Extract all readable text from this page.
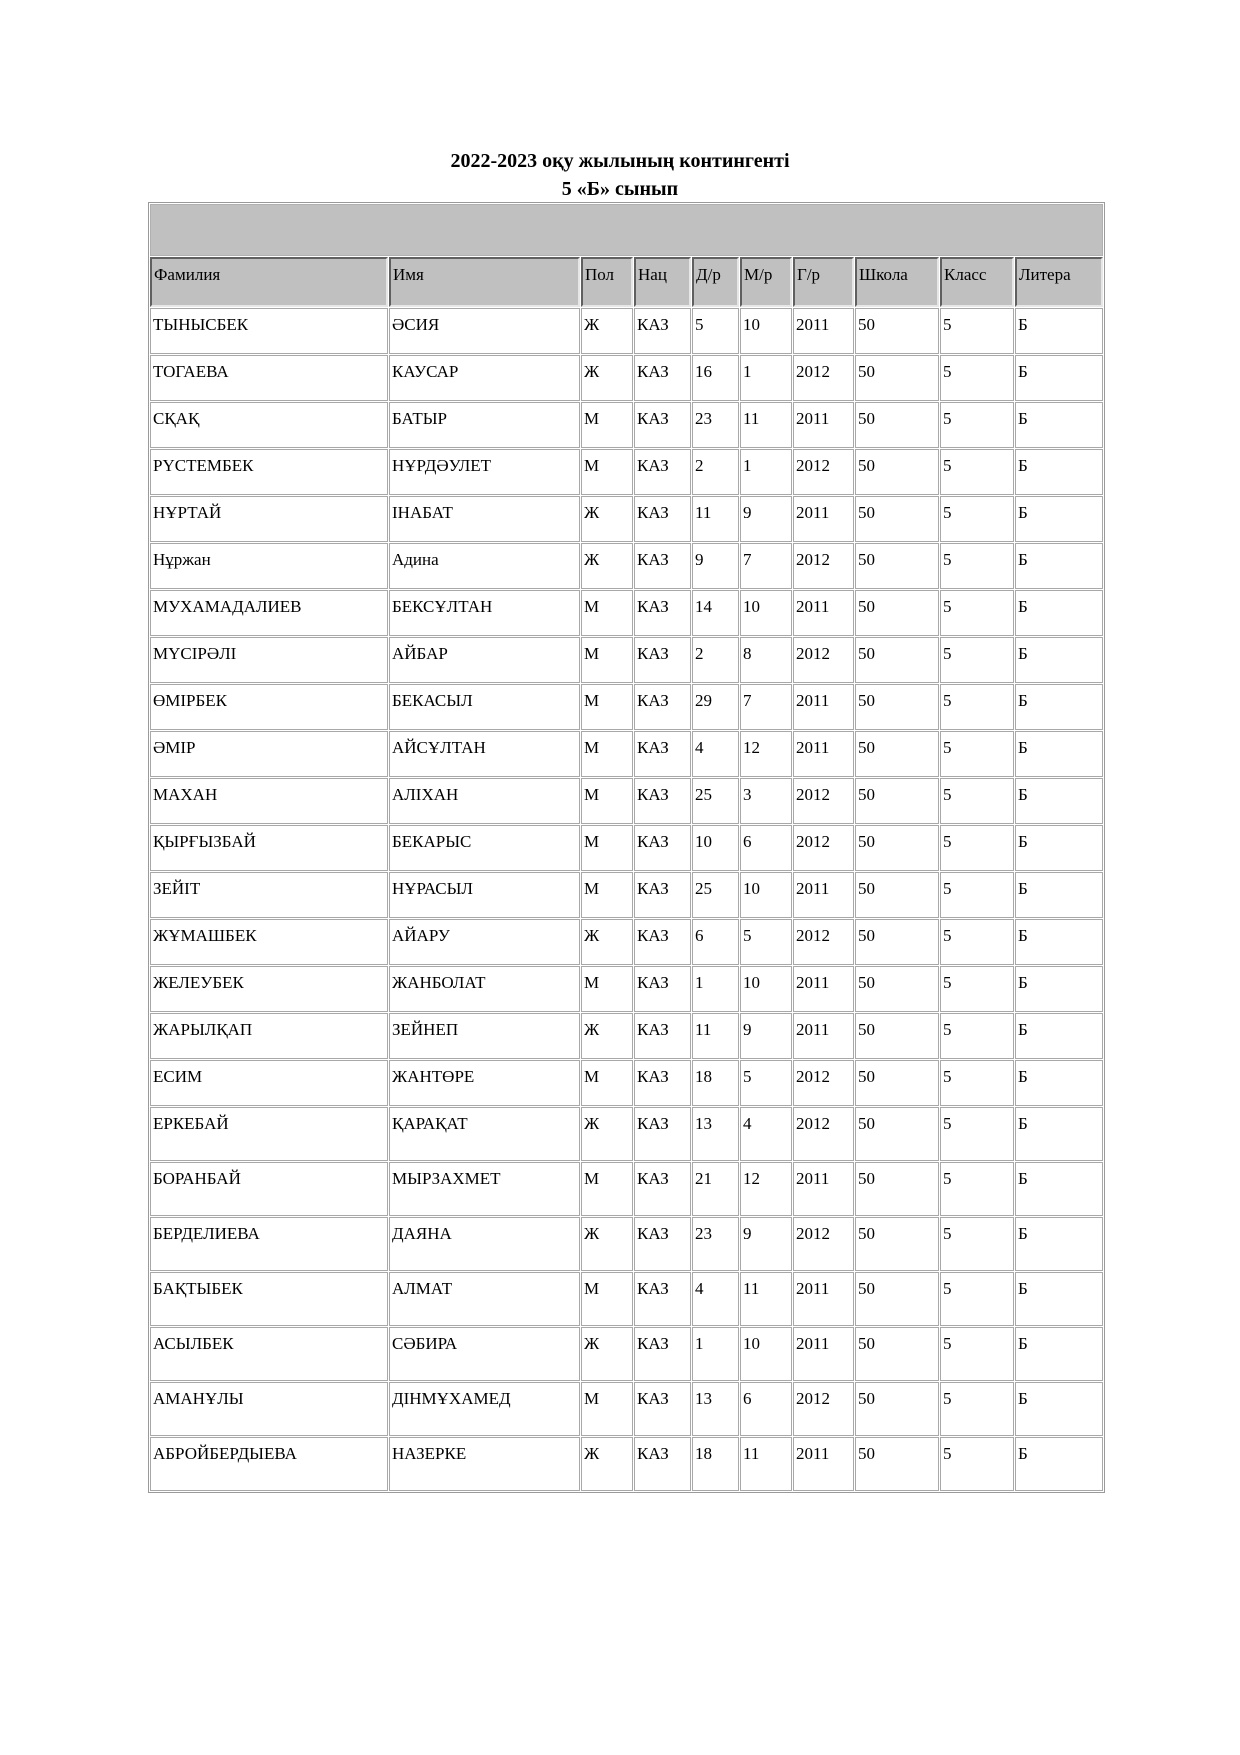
2022-2023 оқу жылының контингенті

5 «Б» сынып

Фамилия	Имя	Пол	Нац	Д/р	М/р	Г/р	Школа	Класс	Литера
ТЫНЫСБЕК	ӘСИЯ	Ж	КАЗ	5	10	2011	50	5	Б
ТОГАЕВА	КАУСАР	Ж	КАЗ	16	1	2012	50	5	Б
СҚАҚ	БАТЫР	М	КАЗ	23	11	2011	50	5	Б
РҮСТЕМБЕК	НҰРДӘУЛЕТ	М	КАЗ	2	1	2012	50	5	Б
НҰРТАЙ	ІНАБАТ	Ж	КАЗ	11	9	2011	50	5	Б
Нұржан	Адина	Ж	КАЗ	9	7	2012	50	5	Б
МУХАМАДАЛИЕВ	БЕКСҰЛТАН	М	КАЗ	14	10	2011	50	5	Б
МҮСІРӘЛІ	АЙБАР	М	КАЗ	2	8	2012	50	5	Б
ӨМІРБЕК	БЕКАСЫЛ	М	КАЗ	29	7	2011	50	5	Б
ӘМІР	АЙСҰЛТАН	М	КАЗ	4	12	2011	50	5	Б
МАХАН	АЛІХАН	М	КАЗ	25	3	2012	50	5	Б
ҚЫРҒЫЗБАЙ	БЕКАРЫС	М	КАЗ	10	6	2012	50	5	Б
ЗЕЙІТ	НҰРАСЫЛ	М	КАЗ	25	10	2011	50	5	Б
ЖҰМАШБЕК	АЙАРУ	Ж	КАЗ	6	5	2012	50	5	Б
ЖЕЛЕУБЕК	ЖАНБОЛАТ	М	КАЗ	1	10	2011	50	5	Б
ЖАРЫЛҚАП	ЗЕЙНЕП	Ж	КАЗ	11	9	2011	50	5	Б
ЕСИМ	ЖАНТӨРЕ	М	КАЗ	18	5	2012	50	5	Б
ЕРКЕБАЙ	ҚАРАҚАТ	Ж	КАЗ	13	4	2012	50	5	Б
БОРАНБАЙ	МЫРЗАХМЕТ	М	КАЗ	21	12	2011	50	5	Б
БЕРДЕЛИЕВА	ДАЯНА	Ж	КАЗ	23	9	2012	50	5	Б
БАҚТЫБЕК	АЛМАТ	М	КАЗ	4	11	2011	50	5	Б
АСЫЛБЕК	СӘБИРА	Ж	КАЗ	1	10	2011	50	5	Б
АМАНҰЛЫ	ДІНМҰХАМЕД	М	КАЗ	13	6	2012	50	5	Б
АБРОЙБЕРДЫЕВА	НАЗЕРКЕ	Ж	КАЗ	18	11	2011	50	5	Б
